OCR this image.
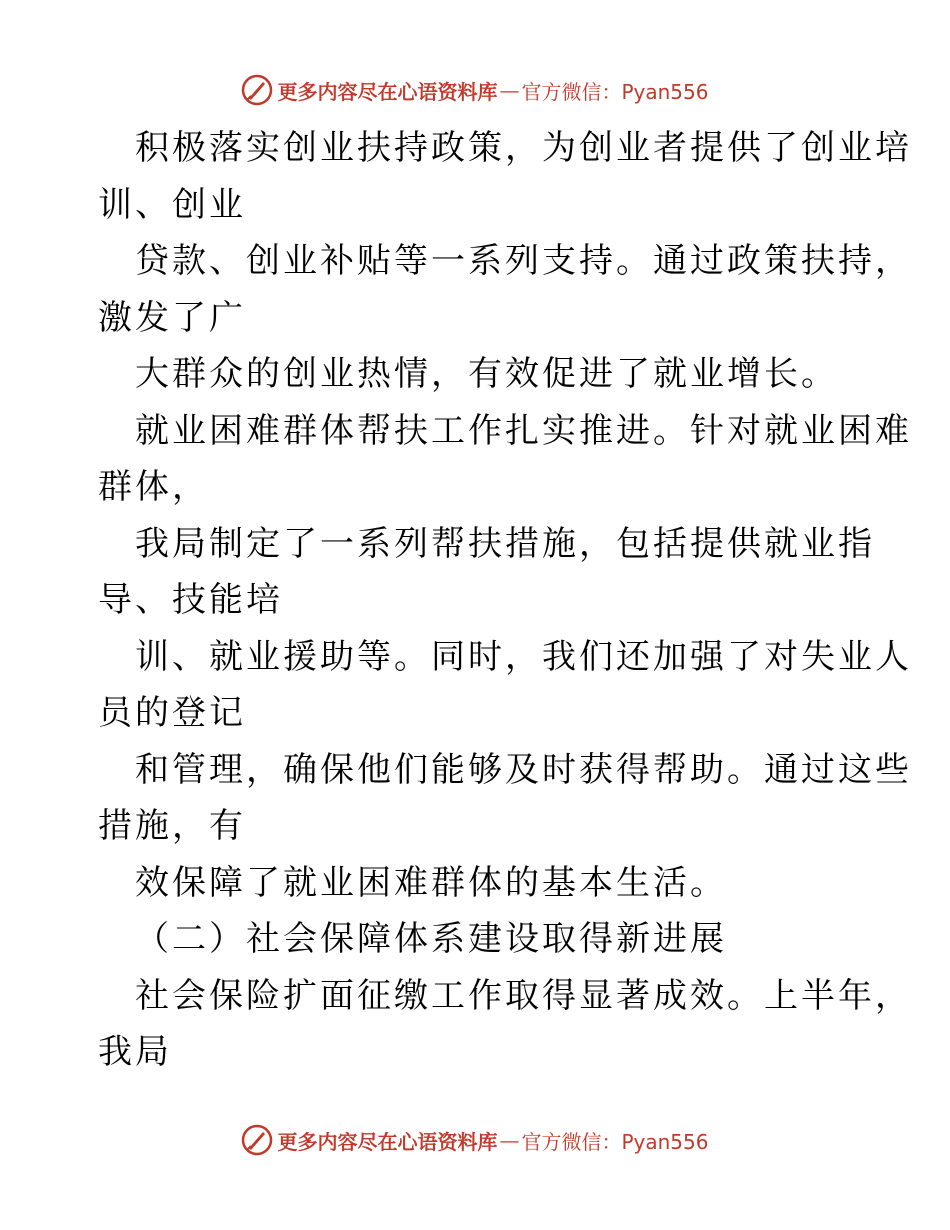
更多内容尽在心语资料库 — 官方微信：Pyan556
积极落实创业扶持政策，为创业者提供了创业培
训、创业
贷款、创业补贴等一系列支持。通过政策扶持，
激发了广
大群众的创业热情，有效促进了就业增长。
就业困难群体帮扶工作扎实推进。针对就业困难
群体，
我局制定了一系列帮扶措施，包括提供就业指
导、技能培
训、就业援助等。同时，我们还加强了对失业人
员的登记
和管理，确保他们能够及时获得帮助。通过这些
措施，有
效保障了就业困难群体的基本生活。
（二）社会保障体系建设取得新进展
社会保险扩面征缴工作取得显著成效。上半年，
我局
更多内容尽在心语资料库 — 官方微信：Pyan556
